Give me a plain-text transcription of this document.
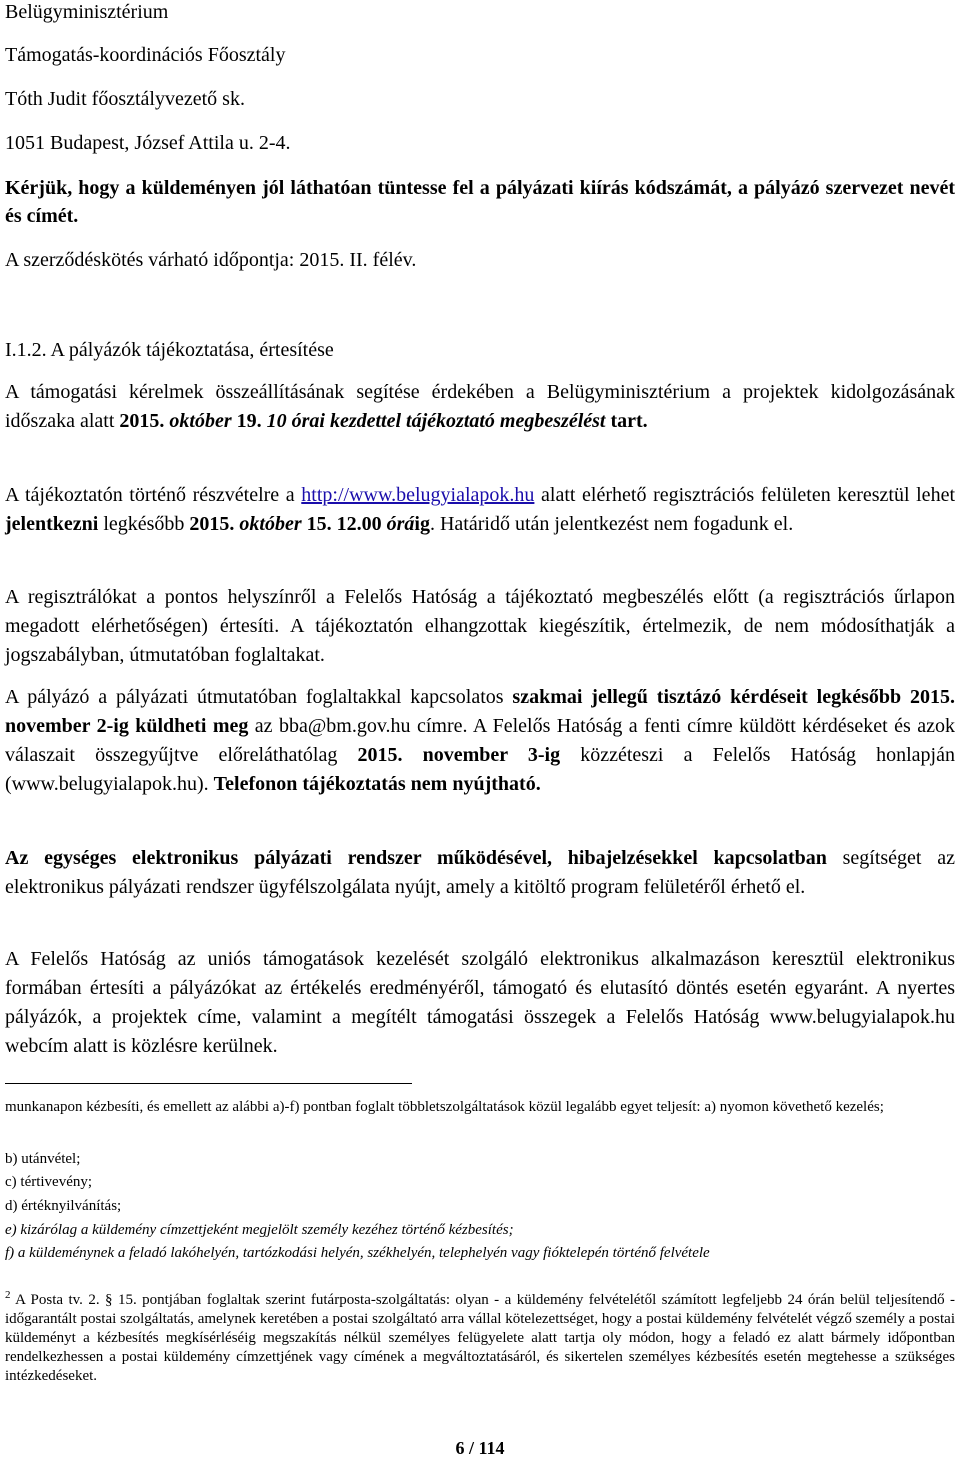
Belügyminisztérium
Támogatás-koordinációs Főosztály
Tóth Judit főosztályvezető sk.
1051 Budapest, József Attila u. 2-4.

Kérjük, hogy a küldeményen jól láthatóan tüntesse fel a pályázati kiírás kódszámát, a pályázó szervezet nevét és címét.

A szerződéskötés várható időpontja: 2015. II. félév.
I.1.2. A pályázók tájékoztatása, értesítése

A támogatási kérelmek összeállításának segítése érdekében a Belügyminisztérium a projektek kidolgozásának időszaka alatt 2015. október 19. 10 órai kezdettel tájékoztató megbeszélést tart.

A tájékoztatón történő részvételre a http://www.belugyialapok.hu alatt elérhető regisztrációs felületen keresztül lehet jelentkezni legkésőbb 2015. október 15. 12.00 óráig. Határidő után jelentkezést nem fogadunk el.

A regisztrálókat a pontos helyszínről a Felelős Hatóság a tájékoztató megbeszélés előtt (a regisztrációs űrlapon megadott elérhetőségen) értesíti. A tájékoztatón elhangzottak kiegészítik, értelmezik, de nem módosíthatják a jogszabályban, útmutatóban foglaltakat.

A pályázó a pályázati útmutatóban foglaltakkal kapcsolatos szakmai jellegű tisztázó kérdéseit legkésőbb 2015. november 2-ig küldheti meg az bba@bm.gov.hu címre. A Felelős Hatóság a fenti címre küldött kérdéseket és azok válaszait összegyűjtve előreláthatólag 2015. november 3-ig közzéteszi a Felelős Hatóság honlapján (www.belugyialapok.hu). Telefonon tájékoztatás nem nyújtható.

Az egységes elektronikus pályázati rendszer működésével, hibajelzésekkel kapcsolatban segítséget az elektronikus pályázati rendszer ügyfélszolgálata nyújt, amely a kitöltő program felületéről érhető el.

A Felelős Hatóság az uniós támogatások kezelését szolgáló elektronikus alkalmazáson keresztül elektronikus formában értesíti a pályázókat az értékelés eredményéről, támogató és elutasító döntés esetén egyaránt. A nyertes pályázók, a projektek címe, valamint a megítélt támogatási összegek a Felelős Hatóság www.belugyialapok.hu webcím alatt is közlésre kerülnek.

munkanapon kézbesíti, és emellett az alábbi a)-f) pontban foglalt többletszolgáltatások közül legalább egyet teljesít: a) nyomon követhető kezelés;

b) utánvétel;
c) tértivevény;
d) értéknyilvánítás;
e) kizárólag a küldemény címzettjeként megjelölt személy kezéhez történő kézbesítés;

f) a küldeménynek a feladó lakóhelyén, tartózkodási helyén, székhelyén, telephelyén vagy fióktelepén történő felvétele

$^2$ A Posta tv. 2. § 15. pontjában foglaltak szerint futárposta-szolgáltatás: olyan - a küldemény felvételétől számított legfeljebb 24 órán belül teljesítendő - időgarantált postai szolgáltatás, amelynek keretében a postai szolgáltató arra vállal kötelezettséget, hogy a postai küldemény felvételét végző személy a postai küldeményt a kézbesítés megkísérléséig megszakítás nélkül személyes felügyelete alatt tartja oly módon, hogy a feladó ez alatt bármely időpontban rendelkezhessen a postai küldemény címzettjének vagy címének a megváltoztatásáról, és sikertelen személyes kézbesítés esetén megtehesse a szükséges intézkedéseket.

6 / 114
